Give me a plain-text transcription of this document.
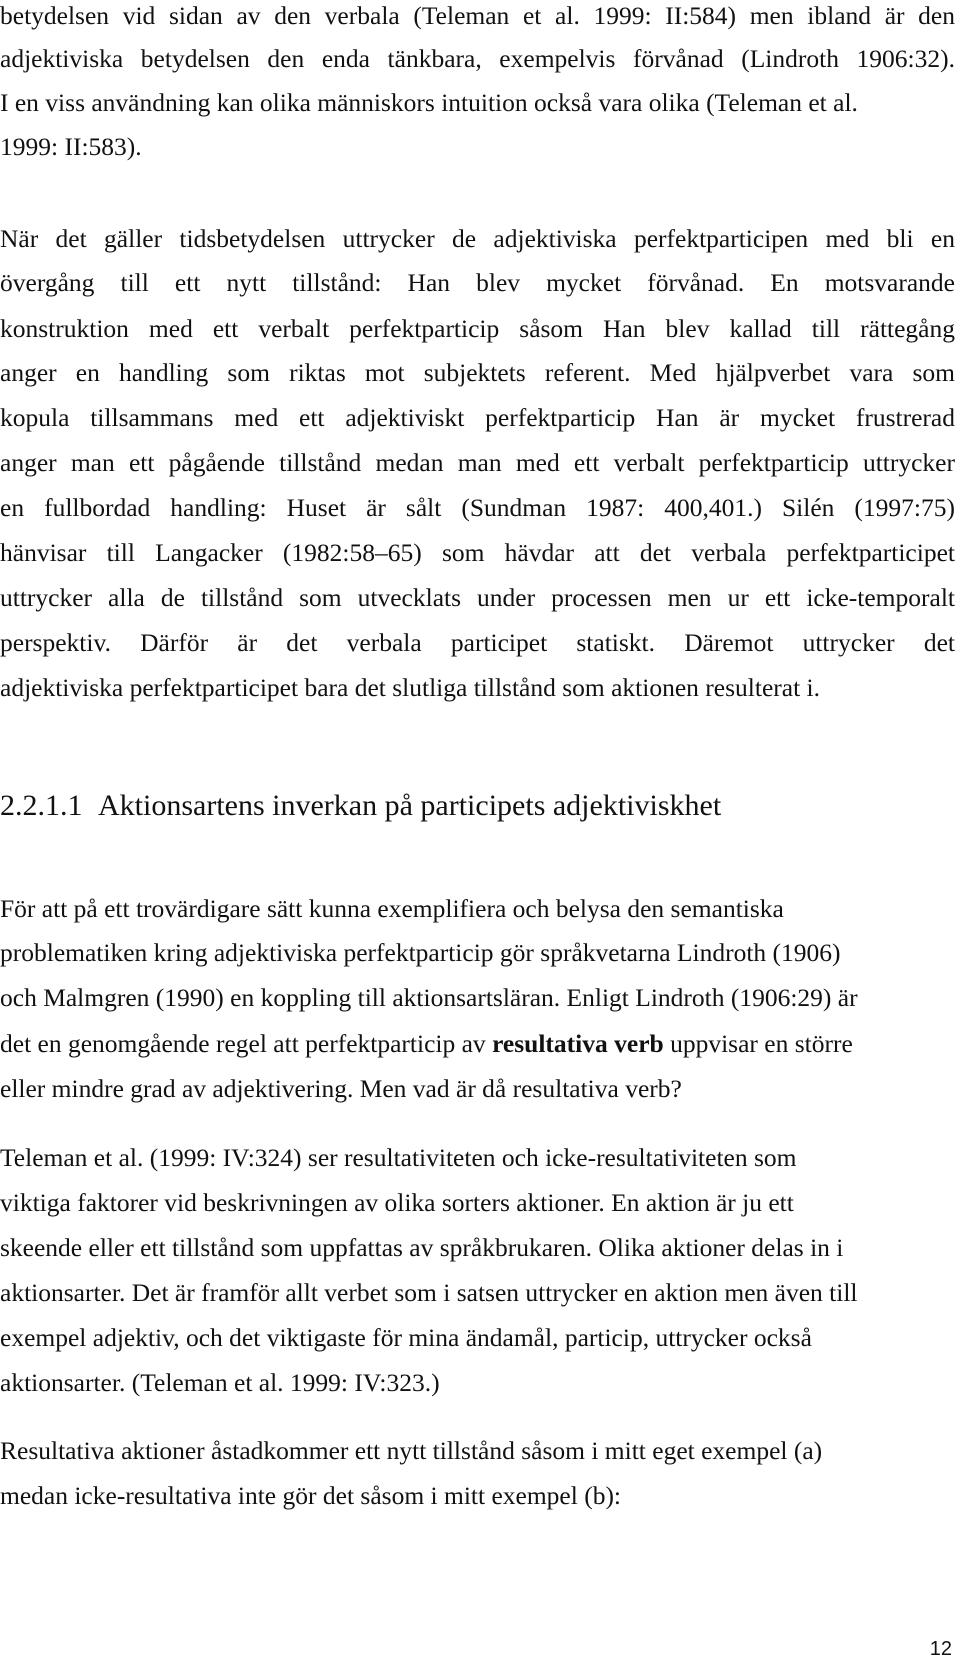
betydelsen vid sidan av den verbala (Teleman et al. 1999: II:584) men ibland är den
adjektiviska betydelsen den enda tänkbara, exempelvis förvånad (Lindroth 1906:32).
I en viss användning kan olika människors intuition också vara olika (Teleman et al.
1999: II:583).
När det gäller tidsbetydelsen uttrycker de adjektiviska perfektparticipen med bli en
övergång till ett nytt tillstånd: Han blev mycket förvånad. En motsvarande
konstruktion med ett verbalt perfektparticip såsom Han blev kallad till rättegång
anger en handling som riktas mot subjektets referent. Med hjälpverbet vara som
kopula tillsammans med ett adjektiviskt perfektparticip Han är mycket frustrerad
anger man ett pågående tillstånd medan man med ett verbalt perfektparticip uttrycker
en fullbordad handling: Huset är sålt (Sundman 1987: 400,401.) Silén (1997:75)
hänvisar till Langacker (1982:58–65) som hävdar att det verbala perfektparticipet
uttrycker alla de tillstånd som utvecklats under processen men ur ett icke-temporalt
perspektiv. Därför är det verbala participet statiskt. Däremot uttrycker det
adjektiviska perfektparticipet bara det slutliga tillstånd som aktionen resulterat i.
2.2.1.1 Aktionsartens inverkan på participets adjektiviskhet
För att på ett trovärdigare sätt kunna exemplifiera och belysa den semantiska
problematiken kring adjektiviska perfektparticip gör språkvetarna Lindroth (1906)
och Malmgren (1990) en koppling till aktionsartsläran. Enligt Lindroth (1906:29) är
det en genomgående regel att perfektparticip av resultativa verb uppvisar en större
eller mindre grad av adjektivering. Men vad är då resultativa verb?
Teleman et al. (1999: IV:324) ser resultativiteten och icke-resultativiteten som
viktiga faktorer vid beskrivningen av olika sorters aktioner. En aktion är ju ett
skeende eller ett tillstånd som uppfattas av språkbrukaren. Olika aktioner delas in i
aktionsarter. Det är framför allt verbet som i satsen uttrycker en aktion men även till
exempel adjektiv, och det viktigaste för mina ändamål, particip, uttrycker också
aktionsarter. (Teleman et al. 1999: IV:323.)
Resultativa aktioner åstadkommer ett nytt tillstånd såsom i mitt eget exempel (a)
medan icke-resultativa inte gör det såsom i mitt exempel (b):
12
